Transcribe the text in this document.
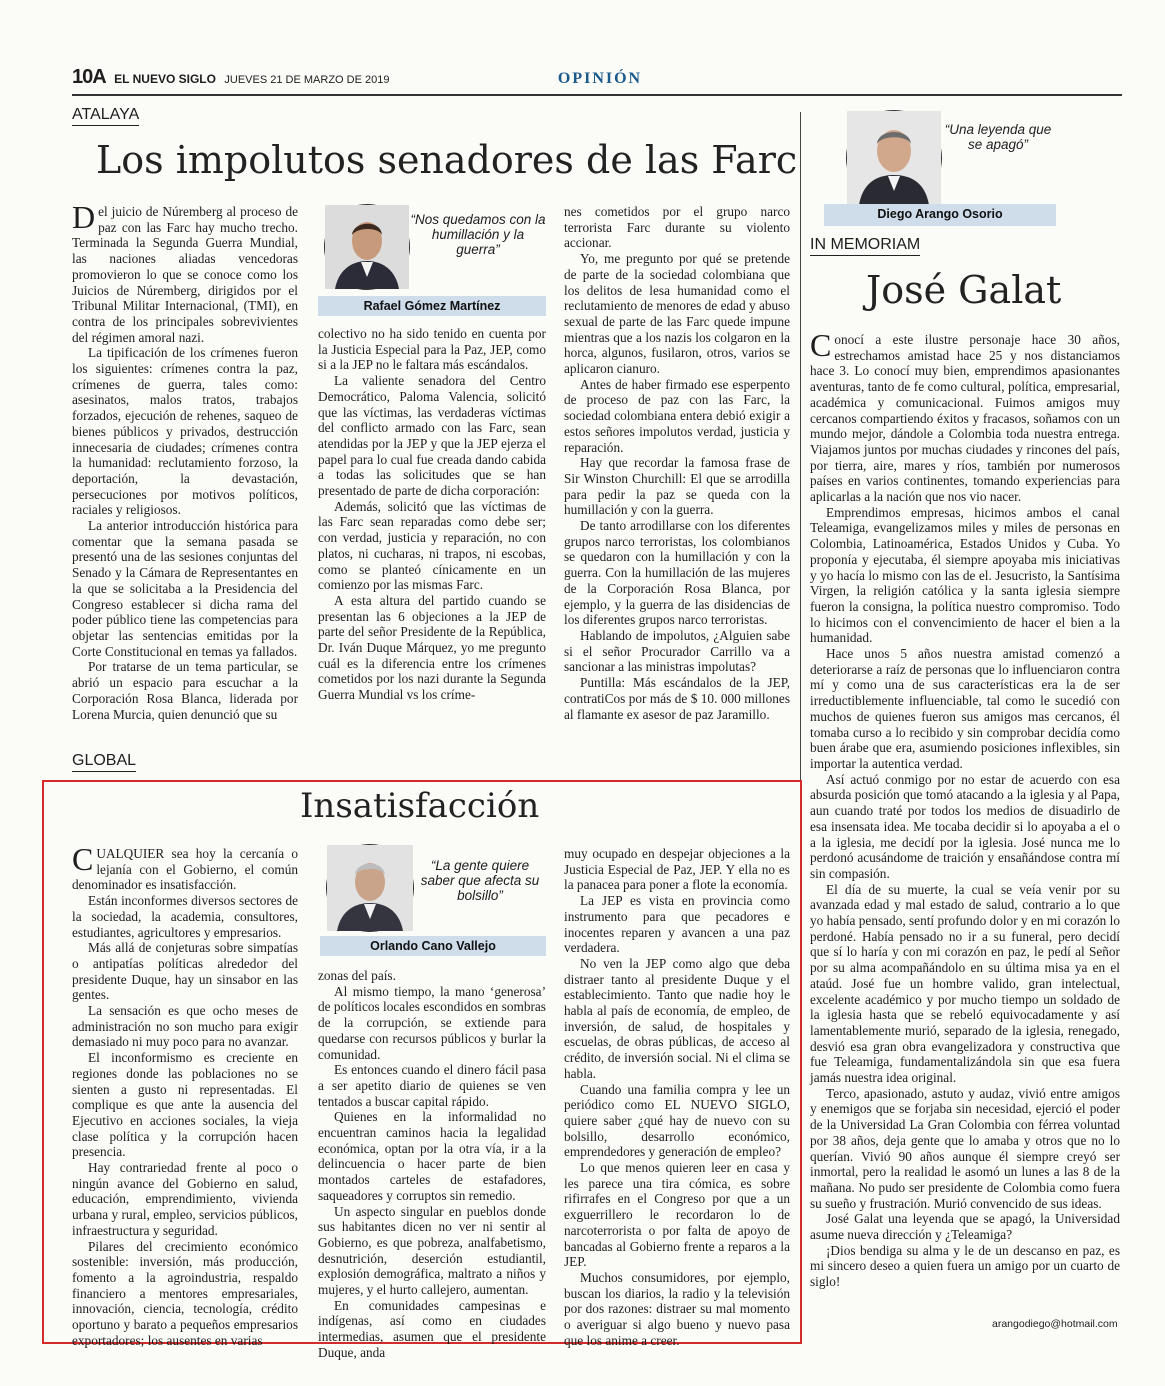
10A EL NUEVO SIGLO JUEVES 21 DE MARZO DE 2019	OPINIÓN
ATALAYA
Los impolutos senadores de las Farc

Del juicio de Núremberg al proceso de paz con las Farc hay mucho trecho. Terminada la Segunda Guerra Mundial, las naciones aliadas vencedoras promovieron lo que se conoce como los Juicios de Núremberg, dirigidos por el Tribunal Militar Internacional, (TMI), en contra de los principales sobrevivientes del régimen amoral nazi.

La tipificación de los crímenes fueron los siguientes: crímenes contra la paz, crímenes de guerra, tales como: asesinatos, malos tratos, trabajos forzados, ejecución de rehenes, saqueo de bienes públicos y privados, destrucción innecesaria de ciudades; crímenes contra la humanidad: reclutamiento forzoso, la deportación, la devastación, persecuciones por motivos políticos, raciales y religiosos.

La anterior introducción histórica para comentar que la semana pasada se presentó una de las sesiones conjuntas del Senado y la Cámara de Representantes en la que se solicitaba a la Presidencia del Congreso establecer si dicha rama del poder público tiene las competencias para objetar las sentencias emitidas por la Corte Constitucional en temas ya fallados.

Por tratarse de un tema particular, se abrió un espacio para escuchar a la Corporación Rosa Blanca, liderada por Lorena Murcia, quien denunció que su

“Nos quedamos con la humillación y la guerra”
Rafael Gómez Martínez

colectivo no ha sido tenido en cuenta por la Justicia Especial para la Paz, JEP, como si a la JEP no le faltara más escándalos.

La valiente senadora del Centro Democrático, Paloma Valencia, solicitó que las víctimas, las verdaderas víctimas del conflicto armado con las Farc, sean atendidas por la JEP y que la JEP ejerza el papel para lo cual fue creada dando cabida a todas las solicitudes que se han presentado de parte de dicha corporación:

Además, solicitó que las víctimas de las Farc sean reparadas como debe ser; con verdad, justicia y reparación, no con platos, ni cucharas, ni trapos, ni escobas, como se planteó cínicamente en un comienzo por las mismas Farc.

A esta altura del partido cuando se presentan las 6 objeciones a la JEP de parte del señor Presidente de la República, Dr. Iván Duque Márquez, yo me pregunto cuál es la diferencia entre los crímenes cometidos por los nazi durante la Segunda Guerra Mundial vs los críme-

nes cometidos por el grupo narco terrorista Farc durante su violento accionar.

Yo, me pregunto por qué se pretende de parte de la sociedad colombiana que los delitos de lesa humanidad como el reclutamiento de menores de edad y abuso sexual de parte de las Farc quede impune mientras que a los nazis los colgaron en la horca, algunos, fusilaron, otros, varios se aplicaron cianuro.

Antes de haber firmado ese esperpento de proceso de paz con las Farc, la sociedad colombiana entera debió exigir a estos señores impolutos verdad, justicia y reparación.

Hay que recordar la famosa frase de Sir Winston Churchill: El que se arrodilla para pedir la paz se queda con la humillación y con la guerra.

De tanto arrodillarse con los diferentes grupos narco terroristas, los colombianos se quedaron con la humillación y con la guerra. Con la humillación de las mujeres de la Corporación Rosa Blanca, por ejemplo, y la guerra de las disidencias de los diferentes grupos narco terroristas.

Hablando de impolutos, ¿Alguien sabe si el señor Procurador Carrillo va a sancionar a las ministras impolutas?

Puntilla: Más escándalos de la JEP, contratiCos por más de $ 10. 000 millones al flamante ex asesor de paz Jaramillo.

GLOBAL
Insatisfacción

CUALQUIER sea hoy la cercanía o lejanía con el Gobierno, el común denominador es insatisfacción.

Están inconformes diversos sectores de la sociedad, la academia, consultores, estudiantes, agricultores y empresarios.

Más allá de conjeturas sobre simpatías o antipatías políticas alrededor del presidente Duque, hay un sinsabor en las gentes.

La sensación es que ocho meses de administración no son mucho para exigir demasiado ni muy poco para no avanzar.

El inconformismo es creciente en regiones donde las poblaciones no se sienten a gusto ni representadas. El complique es que ante la ausencia del Ejecutivo en acciones sociales, la vieja clase política y la corrupción hacen presencia.

Hay contrariedad frente al poco o ningún avance del Gobierno en salud, educación, emprendimiento, vivienda urbana y rural, empleo, servicios públicos, infraestructura y seguridad.

Pilares del crecimiento económico sostenible: inversión, más producción, fomento a la agroindustria, respaldo financiero a mentores empresariales, innovación, ciencia, tecnología, crédito oportuno y barato a pequeños empresarios exportadores; los ausentes en varias

“La gente quiere saber que afecta su bolsillo”
Orlando Cano Vallejo

zonas del país.

Al mismo tiempo, la mano ‘generosa’ de políticos locales escondidos en sombras de la corrupción, se extiende para quedarse con recursos públicos y burlar la comunidad.

Es entonces cuando el dinero fácil pasa a ser apetito diario de quienes se ven tentados a buscar capital rápido.

Quienes en la informalidad no encuentran caminos hacia la legalidad económica, optan por la otra vía, ir a la delincuencia o hacer parte de bien montados carteles de estafadores, saqueadores y corruptos sin remedio.

Un aspecto singular en pueblos donde sus habitantes dicen no ver ni sentir al Gobierno, es que pobreza, analfabetismo, desnutrición, deserción estudiantil, explosión demográfica, maltrato a niños y mujeres, y el hurto callejero, aumentan.

En comunidades campesinas e indígenas, así como en ciudades intermedias, asumen que el presidente Duque, anda

muy ocupado en despejar objeciones a la Justicia Especial de Paz, JEP. Y ella no es la panacea para poner a flote la economía.

La JEP es vista en provincia como instrumento para que pecadores e inocentes reparen y avancen a una paz verdadera.

No ven la JEP como algo que deba distraer tanto al presidente Duque y el establecimiento. Tanto que nadie hoy le habla al país de economía, de empleo, de inversión, de salud, de hospitales y escuelas, de obras públicas, de acceso al crédito, de inversión social. Ni el clima se habla.

Cuando una familia compra y lee un periódico como EL NUEVO SIGLO, quiere saber ¿qué hay de nuevo con su bolsillo, desarrollo económico, emprendedores y generación de empleo?

Lo que menos quieren leer en casa y les parece una tira cómica, es sobre rifirrafes en el Congreso por que a un exguerrillero le recordaron lo de narcoterrorista o por falta de apoyo de bancadas al Gobierno frente a reparos a la JEP.

Muchos consumidores, por ejemplo, buscan los diarios, la radio y la televisión por dos razones: distraer su mal momento o averiguar si algo bueno y nuevo pasa que los anime a creer.

“Una leyenda que se apagó”
Diego Arango Osorio
IN MEMORIAM
José Galat

Conocí a este ilustre personaje hace 30 años, estrechamos amistad hace 25 y nos distanciamos hace 3. Lo conocí muy bien, emprendimos apasionantes aventuras, tanto de fe como cultural, política, empresarial, académica y comunicacional. Fuimos amigos muy cercanos compartiendo éxitos y fracasos, soñamos con un mundo mejor, dándole a Colombia toda nuestra entrega. Viajamos juntos por muchas ciudades y rincones del país, por tierra, aire, mares y ríos, también por numerosos países en varios continentes, tomando experiencias para aplicarlas a la nación que nos vio nacer.

Emprendimos empresas, hicimos ambos el canal Teleamiga, evangelizamos miles y miles de personas en Colombia, Latinoamérica, Estados Unidos y Cuba. Yo proponía y ejecutaba, él siempre apoyaba mis iniciativas y yo hacía lo mismo con las de el. Jesucristo, la Santísima Virgen, la religión católica y la santa iglesia siempre fueron la consigna, la política nuestro compromiso. Todo lo hicimos con el convencimiento de hacer el bien a la humanidad.

Hace unos 5 años nuestra amistad comenzó a deteriorarse a raíz de personas que lo influenciaron contra mí y como una de sus características era la de ser irreductiblemente influenciable, tal como le sucedió con muchos de quienes fueron sus amigos mas cercanos, él tomaba curso a lo recibido y sin comprobar decidía como buen árabe que era, asumiendo posiciones inflexibles, sin importar la autentica verdad.

Así actuó conmigo por no estar de acuerdo con esa absurda posición que tomó atacando a la iglesia y al Papa, aun cuando traté por todos los medios de disuadirlo de esa insensata idea. Me tocaba decidir si lo apoyaba a el o a la iglesia, me decidí por la iglesia. José nunca me lo perdonó acusándome de traición y ensañándose contra mí sin compasión.

El día de su muerte, la cual se veía venir por su avanzada edad y mal estado de salud, contrario a lo que yo había pensado, sentí profundo dolor y en mi corazón lo perdoné. Había pensado no ir a su funeral, pero decidí que sí lo haría y con mi corazón en paz, le pedí al Señor por su alma acompañándolo en su última misa ya en el ataúd. José fue un hombre valido, gran intelectual, excelente académico y por mucho tiempo un soldado de la iglesia hasta que se rebeló equivocadamente y así lamentablemente murió, separado de la iglesia, renegado, desvió esa gran obra evangelizadora y constructiva que fue Teleamiga, fundamentalizándola sin que esa fuera jamás nuestra idea original.

Terco, apasionado, astuto y audaz, vivió entre amigos y enemigos que se forjaba sin necesidad, ejerció el poder de la Universidad La Gran Colombia con férrea voluntad por 38 años, deja gente que lo amaba y otros que no lo querían. Vivió 90 años aunque él siempre creyó ser inmortal, pero la realidad le asomó un lunes a las 8 de la mañana. No pudo ser presidente de Colombia como fuera su sueño y frustración. Murió convencido de sus ideas.

José Galat una leyenda que se apagó, la Universidad asume nueva dirección y ¿Teleamiga?

¡Dios bendiga su alma y le de un descanso en paz, es mi sincero deseo a quien fuera un amigo por un cuarto de siglo!

arangodiego@hotmail.com
